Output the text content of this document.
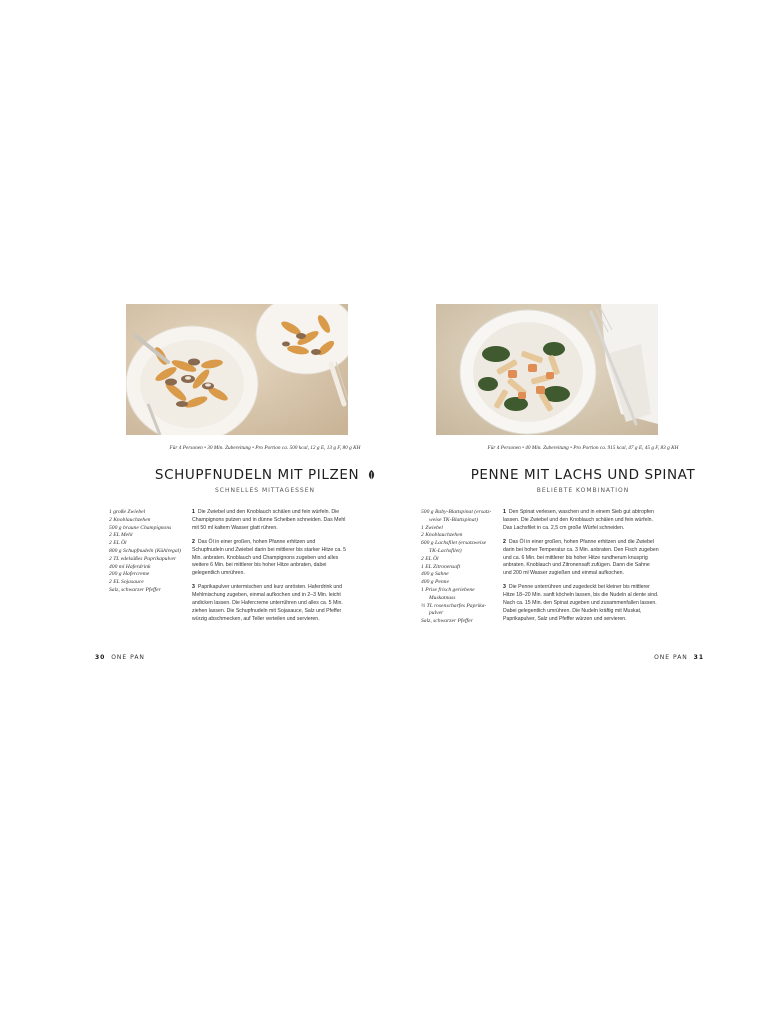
Für 4 Personen • 30 Min. Zubereitung • Pro Portion ca. 500 kcal, 12 g E, 13 g F, 80 g KH
SCHUPFNUDELN MIT PILZEN
SCHNELLES MITTAGESSEN
1 große Zwiebel
2 Knoblauchzehen
500 g braune Champignons
2 EL Mehl
2 EL Öl
800 g Schupfnudeln (Kühlregal)
2 TL edelsüßes Paprikapulver
400 ml Haferdrink
200 g Hafercreme
2 EL Sojasauce
Salz, schwarzer Pfeffer

1 Die Zwiebel und den Knoblauch schälen und fein würfeln. Die Champignons putzen und in dünne Scheiben schneiden. Das Mehl mit 50 ml kaltem Wasser glatt rühren.

2 Das Öl in einer großen, hohen Pfanne erhitzen und Schupfnudeln und Zwiebel darin bei mittlerer bis starker Hitze ca. 5 Min. anbraten. Knoblauch und Champignons zugeben und alles weitere 6 Min. bei mittlerer bis hoher Hitze anbraten, dabei gelegentlich umrühren.

3 Paprikapulver untermischen und kurz anrösten. Haferdrink und Mehlmischung zugeben, einmal aufkochen und in 2–3 Min. leicht andicken lassen. Die Hafercreme unterrühren und alles ca. 5 Min. ziehen lassen. Die Schupfnudeln mit Sojasauce, Salz und Pfeffer würzig abschmecken, auf Teller verteilen und servieren.

30 ONE PAN
Für 4 Personen • 40 Min. Zubereitung • Pro Portion ca. 915 kcal, 47 g E, 45 g F, 83 g KH
PENNE MIT LACHS UND SPINAT
BELIEBTE KOMBINATION
500 g Baby-Blattspinat (ersatz-
weise TK-Blattspinat)
1 Zwiebel
2 Knoblauchzehen
600 g Lachsfilet (ersatzweise
TK-Lachsfilet)
2 EL Öl
1 EL Zitronensaft
400 g Sahne
400 g Penne
1 Prise frisch geriebene
Muskatnuss
½ TL rosenscharfes Paprika-
pulver
Salz, schwarzer Pfeffer

1 Den Spinat verlesen, waschen und in einem Sieb gut abtropfen lassen. Die Zwiebel und den Knoblauch schälen und fein würfeln. Das Lachsfilet in ca. 2,5 cm große Würfel schneiden.

2 Das Öl in einer großen, hohen Pfanne erhitzen und die Zwiebel darin bei hoher Temperatur ca. 3 Min. anbraten. Den Fisch zugeben und ca. 6 Min. bei mittlerer bis hoher Hitze rundherum knusprig anbraten. Knoblauch und Zitronensaft zufügen. Dann die Sahne und 200 ml Wasser zugießen und einmal aufkochen.

3 Die Penne unterrühren und zugedeckt bei kleiner bis mittlerer Hitze 18–20 Min. sanft köcheln lassen, bis die Nudeln al dente sind. Nach ca. 15 Min. den Spinat zugeben und zusammenfallen lassen. Dabei gelegentlich umrühren. Die Nudeln kräftig mit Muskat, Paprikapulver, Salz und Pfeffer würzen und servieren.

ONE PAN 31
